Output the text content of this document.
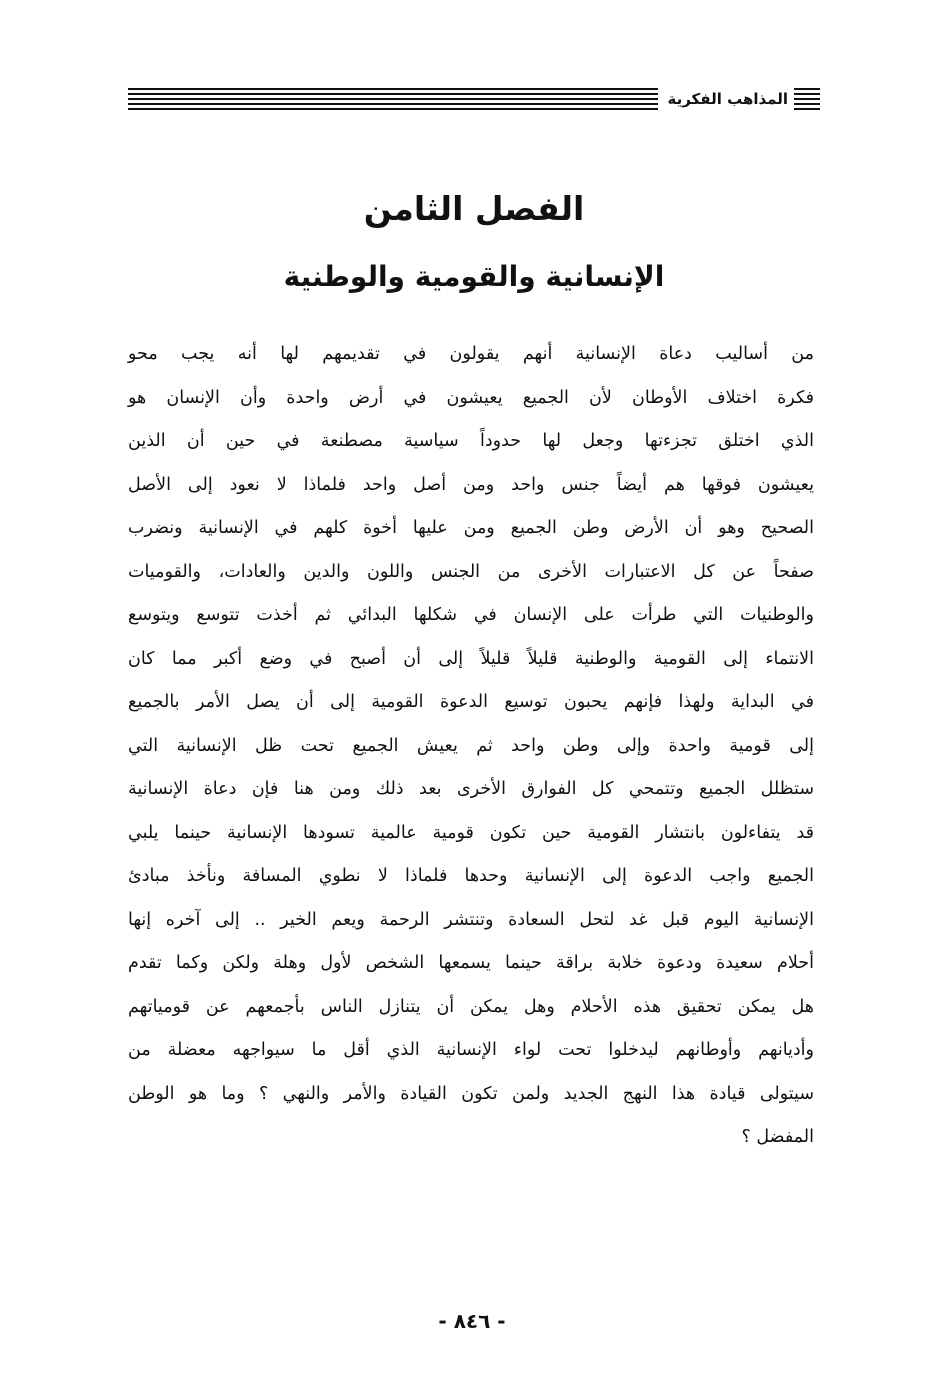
المذاهب الفكرية
الفصل الثامن
الإنسانية والقومية والوطنية
من أساليب دعاة الإنسانية أنهم يقولون في تقديمهم لها أنه يجب محو
فكرة اختلاف الأوطان لأن الجميع يعيشون في أرض واحدة وأن الإنسان هو
الذي اختلق تجزءتها وجعل لها حدوداً سياسية مصطنعة في حين أن الذين
يعيشون فوقها هم أيضاً جنس واحد ومن أصل واحد فلماذا لا نعود إلى الأصل
الصحيح وهو أن الأرض وطن الجميع ومن عليها أخوة كلهم في الإنسانية ونضرب
صفحاً عن كل الاعتبارات الأخرى من الجنس واللون والدين والعادات، والقوميات
والوطنيات التي طرأت على الإنسان في شكلها البدائي ثم أخذت تتوسع ويتوسع
الانتماء إلى القومية والوطنية قليلاً قليلاً إلى أن أصبح في وضع أكبر مما كان
في البداية ولهذا فإنهم يحبون توسيع الدعوة القومية إلى أن يصل الأمر بالجميع
إلى قومية واحدة وإلى وطن واحد ثم يعيش الجميع تحت ظل الإنسانية التي
ستظلل الجميع وتتمحي كل الفوارق الأخرى بعد ذلك ومن هنا فإن دعاة الإنسانية
قد يتفاءلون بانتشار القومية حين تكون قومية عالمية تسودها الإنسانية حينما يلبي
الجميع واجب الدعوة إلى الإنسانية وحدها فلماذا لا نطوي المسافة ونأخذ مبادئ
الإنسانية اليوم قبل غد لتحل السعادة وتنتشر الرحمة ويعم الخير .. إلى آخره إنها
أحلام سعيدة ودعوة خلابة براقة حينما يسمعها الشخص لأول وهلة ولكن وكما تقدم
هل يمكن تحقيق هذه الأحلام وهل يمكن أن يتنازل الناس بأجمعهم عن قومياتهم
وأديانهم وأوطانهم ليدخلوا تحت لواء الإنسانية الذي أقل ما سيواجهه معضلة من
سيتولى قيادة هذا النهج الجديد ولمن تكون القيادة والأمر والنهي ؟ وما هو الوطن
المفضل ؟
- ٨٤٦ -
